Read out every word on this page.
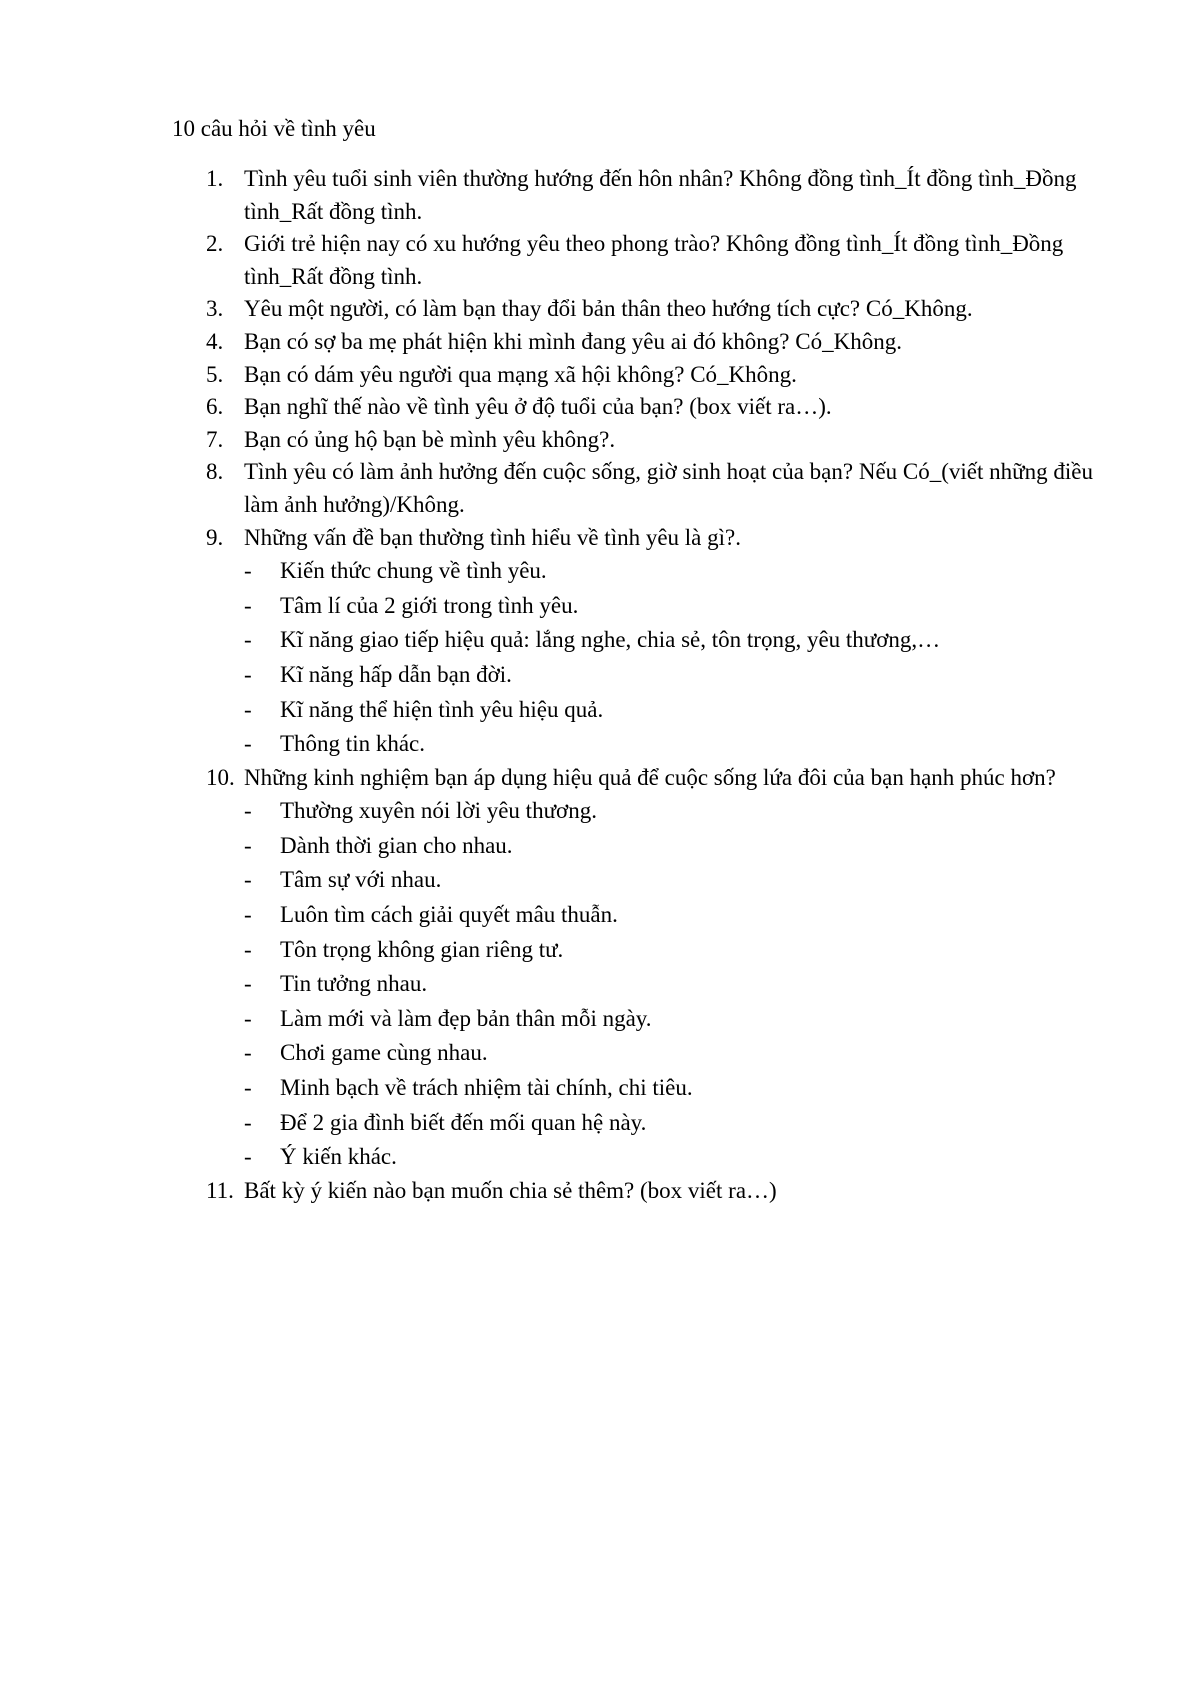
10 câu hỏi về tình yêu
1. Tình yêu tuổi sinh viên thường hướng đến hôn nhân? Không đồng tình_Ít đồng tình_Đồng tình_Rất đồng tình.
2. Giới trẻ hiện nay có xu hướng yêu theo phong trào? Không đồng tình_Ít đồng tình_Đồng tình_Rất đồng tình.
3. Yêu một người, có làm bạn thay đổi bản thân theo hướng tích cực? Có_Không.
4. Bạn có sợ ba mẹ phát hiện khi mình đang yêu ai đó không? Có_Không.
5. Bạn có dám yêu người qua mạng xã hội không? Có_Không.
6. Bạn nghĩ thế nào về tình yêu ở độ tuổi của bạn? (box viết ra…).
7. Bạn có ủng hộ bạn bè mình yêu không?.
8. Tình yêu có làm ảnh hưởng đến cuộc sống, giờ sinh hoạt của bạn? Nếu Có_(viết những điều làm ảnh hưởng)/Không.
9. Những vấn đề bạn thường tình hiểu về tình yêu là gì?.
- Kiến thức chung về tình yêu.
- Tâm lí của 2 giới trong tình yêu.
- Kĩ năng giao tiếp hiệu quả: lắng nghe, chia sẻ, tôn trọng, yêu thương,…
- Kĩ năng hấp dẫn bạn đời.
- Kĩ năng thể hiện tình yêu hiệu quả.
- Thông tin khác.
10. Những kinh nghiệm bạn áp dụng hiệu quả để cuộc sống lứa đôi của bạn hạnh phúc hơn?
- Thường xuyên nói lời yêu thương.
- Dành thời gian cho nhau.
- Tâm sự với nhau.
- Luôn tìm cách giải quyết mâu thuẫn.
- Tôn trọng không gian riêng tư.
- Tin tưởng nhau.
- Làm mới và làm đẹp bản thân mỗi ngày.
- Chơi game cùng nhau.
- Minh bạch về trách nhiệm tài chính, chi tiêu.
- Để 2 gia đình biết đến mối quan hệ này.
- Ý kiến khác.
11. Bất kỳ ý kiến nào bạn muốn chia sẻ thêm? (box viết ra…)
